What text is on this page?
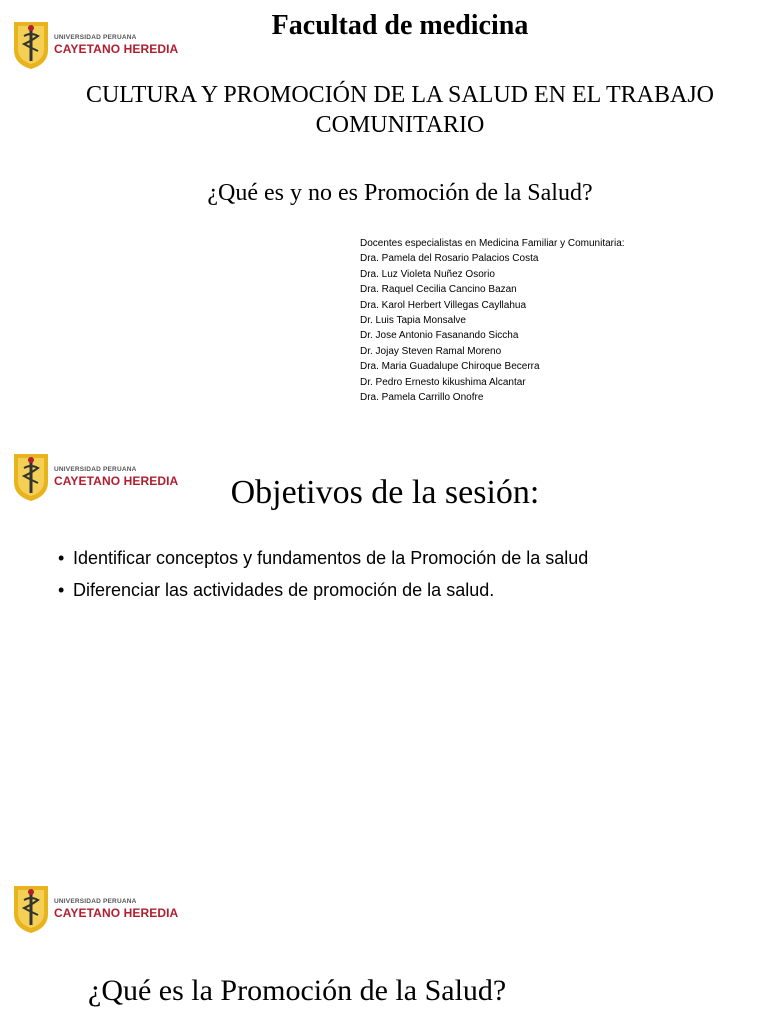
UNIVERSIDAD PERUANA
CAYETANO HEREDIA
Facultad de medicina
CULTURA Y PROMOCIÓN DE LA SALUD EN EL TRABAJO COMUNITARIO
¿Qué es y no es Promoción de la Salud?
Docentes especialistas en Medicina Familiar y Comunitaria:
Dra. Pamela del Rosario Palacios Costa
Dra. Luz Violeta Nuñez Osorio
Dra. Raquel Cecilia Cancino Bazan
Dra. Karol Herbert Villegas Cayllahua
Dr. Luis Tapia Monsalve
Dr. Jose Antonio Fasanando Siccha
Dr. Jojay Steven Ramal Moreno
Dra. Maria Guadalupe Chiroque Becerra
Dr. Pedro Ernesto kikushima Alcantar
Dra. Pamela Carrillo Onofre
UNIVERSIDAD PERUANA
CAYETANO HEREDIA	Objetivos de la sesión:
• Identificar conceptos y fundamentos de la Promoción de la salud
• Diferenciar las actividades de promoción de la salud.
UNIVERSIDAD PERUANA
CAYETANO HEREDIA
¿Qué es la Promoción de la Salud?
